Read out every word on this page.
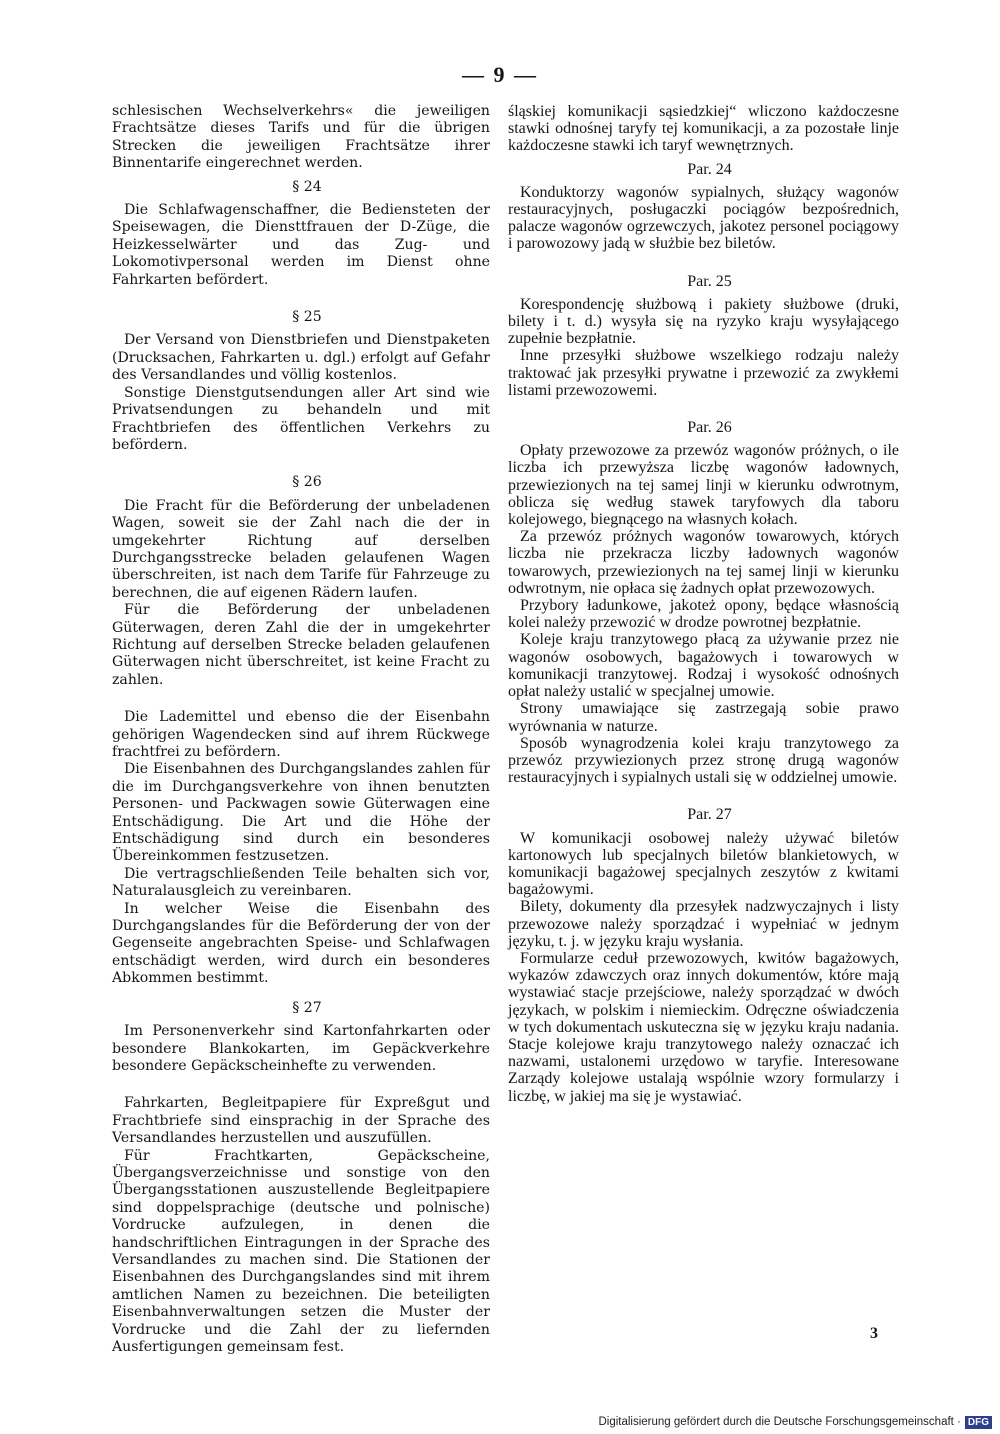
— 9 —

schlesischen Wechselverkehrs« die jeweiligen Frachtsätze dieses Tarifs und für die übrigen Strecken die jeweiligen Frachtsätze ihrer Binnentarife eingerechnet werden.

§ 24

Die Schlafwagenschaffner, die Bediensteten der Speisewagen, die Diensttfrauen der D-Züge, die Heizkesselwärter und das Zug- und Lokomotivpersonal werden im Dienst ohne Fahrkarten befördert.

§ 25

Der Versand von Dienstbriefen und Dienstpaketen (Drucksachen, Fahrkarten u. dgl.) erfolgt auf Gefahr des Versandlandes und völlig kostenlos.

Sonstige Dienstgutsendungen aller Art sind wie Privatsendungen zu behandeln und mit Frachtbriefen des öffentlichen Verkehrs zu befördern.

§ 26

Die Fracht für die Beförderung der unbeladenen Wagen, soweit sie der Zahl nach die der in umgekehrter Richtung auf derselben Durchgangsstrecke beladen gelaufenen Wagen überschreiten, ist nach dem Tarife für Fahrzeuge zu berechnen, die auf eigenen Rädern laufen.

Für die Beförderung der unbeladenen Güterwagen, deren Zahl die der in umgekehrter Richtung auf derselben Strecke beladen gelaufenen Güterwagen nicht überschreitet, ist keine Fracht zu zahlen.

Die Lademittel und ebenso die der Eisenbahn gehörigen Wagendecken sind auf ihrem Rückwege frachtfrei zu befördern.

Die Eisenbahnen des Durchgangslandes zahlen für die im Durchgangsverkehre von ihnen benutzten Personen- und Packwagen sowie Güterwagen eine Entschädigung. Die Art und die Höhe der Entschädigung sind durch ein besonderes Übereinkommen festzusetzen.

Die vertragschließenden Teile behalten sich vor, Naturalausgleich zu vereinbaren.

In welcher Weise die Eisenbahn des Durchgangslandes für die Beförderung der von der Gegenseite angebrachten Speise- und Schlafwagen entschädigt werden, wird durch ein besonderes Abkommen bestimmt.

§ 27

Im Personenverkehr sind Kartonfahrkarten oder besondere Blankokarten, im Gepäckverkehre besondere Gepäckscheinhefte zu verwenden.

Fahrkarten, Begleitpapiere für Expreßgut und Frachtbriefe sind einsprachig in der Sprache des Versandlandes herzustellen und auszufüllen.

Für Frachtkarten, Gepäckscheine, Übergangsverzeichnisse und sonstige von den Übergangsstationen auszustellende Begleitpapiere sind doppelsprachige (deutsche und polnische) Vordrucke aufzulegen, in denen die handschriftlichen Eintragungen in der Sprache des Versandlandes zu machen sind. Die Stationen der Eisenbahnen des Durchgangslandes sind mit ihrem amtlichen Namen zu bezeichnen. Die beteiligten Eisenbahnverwaltungen setzen die Muster der Vordrucke und die Zahl der zu liefernden Ausfertigungen gemeinsam fest.

śląskiej komunikacji sąsiedzkiej“ wliczono każdoczesne stawki odnośnej taryfy tej komunikacji, a za pozostałe linje każdoczesne stawki ich taryf wewnętrznych.

Par. 24

Konduktorzy wagonów sypialnych, służący wagonów restauracyjnych, posługaczki pociągów bezpośrednich, palacze wagonów ogrzewczych, jakotez personel pociągowy i parowozowy jadą w służbie bez biletów.

Par. 25

Korespondencję służbową i pakiety służbowe (druki, bilety i t. d.) wysyła się na ryzyko kraju wysyłającego zupełnie bezpłatnie.

Inne przesyłki służbowe wszelkiego rodzaju należy traktować jak przesyłki prywatne i przewozić za zwykłemi listami przewozowemi.

Par. 26

Opłaty przewozowe za przewóz wagonów próżnych, o ile liczba ich przewyższa liczbę wagonów ładownych, przewiezionych na tej samej linji w kierunku odwrotnym, oblicza się według stawek taryfowych dla taboru kolejowego, biegnącego na własnych kołach.

Za przewóz próżnych wagonów towarowych, których liczba nie przekracza liczby ładownych wagonów towarowych, przewiezionych na tej samej linji w kierunku odwrotnym, nie opłaca się żadnych opłat przewozowych.

Przybory ładunkowe, jakoteż opony, będące własnością kolei należy przewozić w drodze powrotnej bezpłatnie.

Koleje kraju tranzytowego płacą za używanie przez nie wagonów osobowych, bagażowych i towarowych w komunikacji tranzytowej. Rodzaj i wysokość odnośnych opłat należy ustalić w specjalnej umowie.

Strony umawiające się zastrzegają sobie prawo wyrównania w naturze.

Sposób wynagrodzenia kolei kraju tranzytowego za przewóz przywiezionych przez stronę drugą wagonów restauracyjnych i sypialnych ustali się w oddzielnej umowie.

Par. 27

W komunikacji osobowej należy używać biletów kartonowych lub specjalnych biletów blankietowych, w komunikacji bagażowej specjalnych zeszytów z kwitami bagażowymi.

Bilety, dokumenty dla przesyłek nadzwyczajnych i listy przewozowe należy sporządzać i wypełniać w jednym języku, t. j. w języku kraju wysłania.

Formularze ceduł przewozowych, kwitów bagażowych, wykazów zdawczych oraz innych dokumentów, które mają wystawiać stacje przejściowe, należy sporządzać w dwóch językach, w polskim i niemieckim. Odręczne oświadczenia w tych dokumentach uskuteczna się w języku kraju nadania. Stacje kolejowe kraju tranzytowego należy oznaczać ich nazwami, ustalonemi urzędowo w taryfie. Interesowane Zarządy kolejowe ustalają wspólnie wzory formularzy i liczbę, w jakiej ma się je wystawiać.

3
Digitalisierung gefördert durch die Deutsche Forschungsgemeinschaft · DFG
